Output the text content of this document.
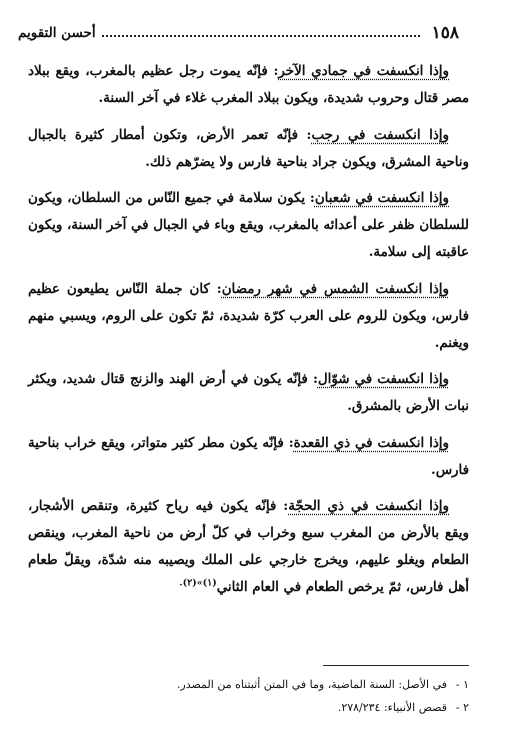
١٥٨
أحسن التقويم

وإذا انكسفت في جمادي الآخر: فإنّه يموت رجل عظيم بالمغرب، ويقع ببلاد مصر قتال وحروب شديدة، ويكون ببلاد المغرب غلاء في آخر السنة.

وإذا انكسفت في رجب: فإنّه تعمر الأرض، وتكون أمطار كثيرة بالجبال وناحية المشرق، ويكون جراد بناحية فارس ولا يضرّهم ذلك.

وإذا انكسفت في شعبان: يكون سلامة في جميع النّاس من السلطان، ويكون للسلطان ظفر على أعدائه بالمغرب، ويقع وباء في الجبال في آخر السنة، ويكون عاقبته إلى سلامة.

وإذا انكسفت الشمس في شهر رمضان: كان جملة النّاس يطيعون عظيم فارس، ويكون للروم على العرب كرّة شديدة، ثمّ تكون على الروم، ويسبي منهم ويغنم.

وإذا انكسفت في شوّال: فإنّه يكون في أرض الهند والزنج قتال شديد، ويكثر نبات الأرض بالمشرق.

وإذا انكسفت في ذي القعدة: فإنّه يكون مطر كثير متواتر، ويقع خراب بناحية فارس.

وإذا انكسفت في ذي الحجّة: فإنّه يكون فيه رياح كثيرة، وتنقص الأشجار، ويقع بالأرض من المغرب سبع وخراب في كلّ أرض من ناحية المغرب، وينقص الطعام ويغلو عليهم، ويخرج خارجي على الملك ويصيبه منه شدّة، ويقلّ طعام أهل فارس، ثمّ يرخص الطعام في العام الثاني$^{(١)»(٢).}$

١ -
في الأصل: السنة الماضية، وما في المتن أثبتناه من المصدر.
٢ -
قصص الأنبياء: ٢٧٨/٢٣٤.
